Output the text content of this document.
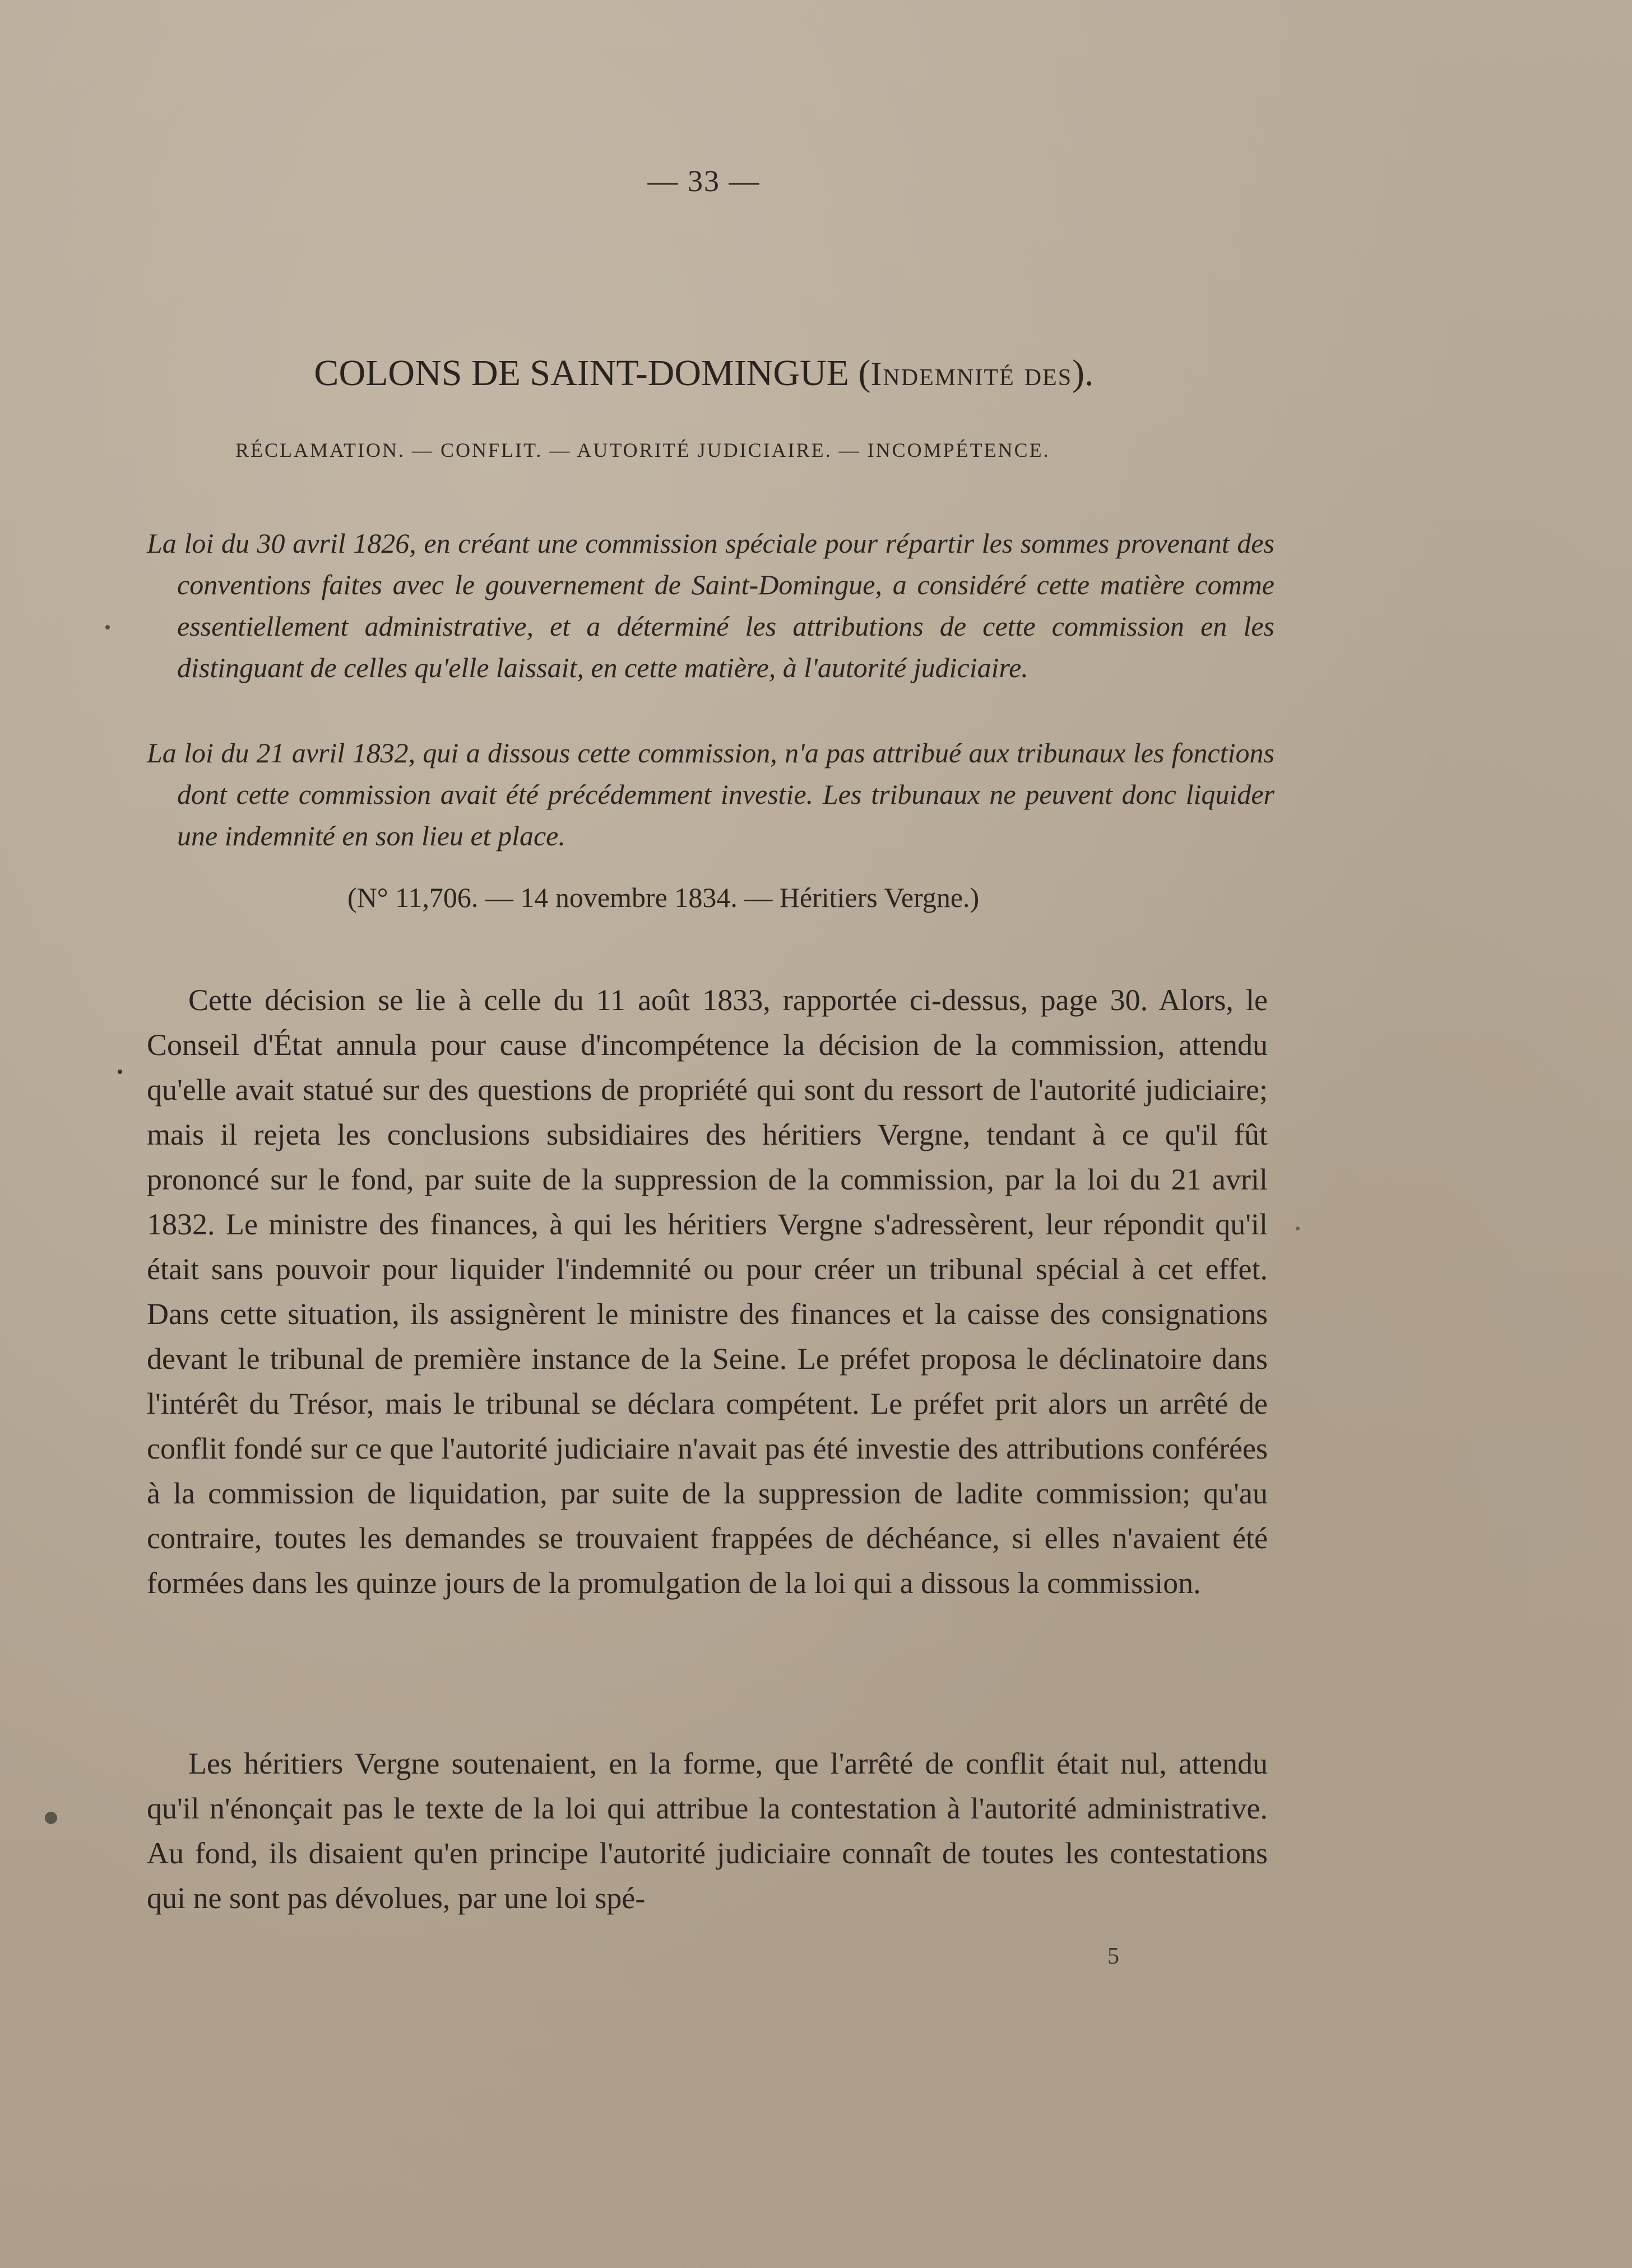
— 33 —
COLONS DE SAINT-DOMINGUE (Indemnité des).
RÉCLAMATION. — CONFLIT. — AUTORITÉ JUDICIAIRE. — INCOMPÉTENCE.

La loi du 30 avril 1826, en créant une commission spéciale pour répartir les sommes provenant des conventions faites avec le gouvernement de Saint-Domingue, a considéré cette matière comme essentiellement administrative, et a déterminé les attributions de cette commission en les distinguant de celles qu'elle laissait, en cette matière, à l'autorité judiciaire.

La loi du 21 avril 1832, qui a dissous cette commission, n'a pas attribué aux tribunaux les fonctions dont cette commission avait été précédemment investie. Les tribunaux ne peuvent donc liquider une indemnité en son lieu et place.

(N° 11,706. — 14 novembre 1834. — Héritiers Vergne.)

Cette décision se lie à celle du 11 août 1833, rapportée ci-dessus, page 30. Alors, le Conseil d'État annula pour cause d'incompétence la décision de la commission, attendu qu'elle avait statué sur des questions de propriété qui sont du ressort de l'autorité judiciaire; mais il rejeta les conclusions subsidiaires des héritiers Vergne, tendant à ce qu'il fût prononcé sur le fond, par suite de la suppression de la commission, par la loi du 21 avril 1832. Le ministre des finances, à qui les héritiers Vergne s'adressèrent, leur répondit qu'il était sans pouvoir pour liquider l'indemnité ou pour créer un tribunal spécial à cet effet. Dans cette situation, ils assignèrent le ministre des finances et la caisse des consignations devant le tribunal de première instance de la Seine. Le préfet proposa le déclinatoire dans l'intérêt du Trésor, mais le tribunal se déclara compétent. Le préfet prit alors un arrêté de conflit fondé sur ce que l'autorité judiciaire n'avait pas été investie des attributions conférées à la commission de liquidation, par suite de la suppression de ladite commission; qu'au contraire, toutes les demandes se trouvaient frappées de déchéance, si elles n'avaient été formées dans les quinze jours de la promulgation de la loi qui a dissous la commission.

Les héritiers Vergne soutenaient, en la forme, que l'arrêté de conflit était nul, attendu qu'il n'énonçait pas le texte de la loi qui attribue la contestation à l'autorité administrative. Au fond, ils disaient qu'en principe l'autorité judiciaire connaît de toutes les contestations qui ne sont pas dévolues, par une loi spé-

5
